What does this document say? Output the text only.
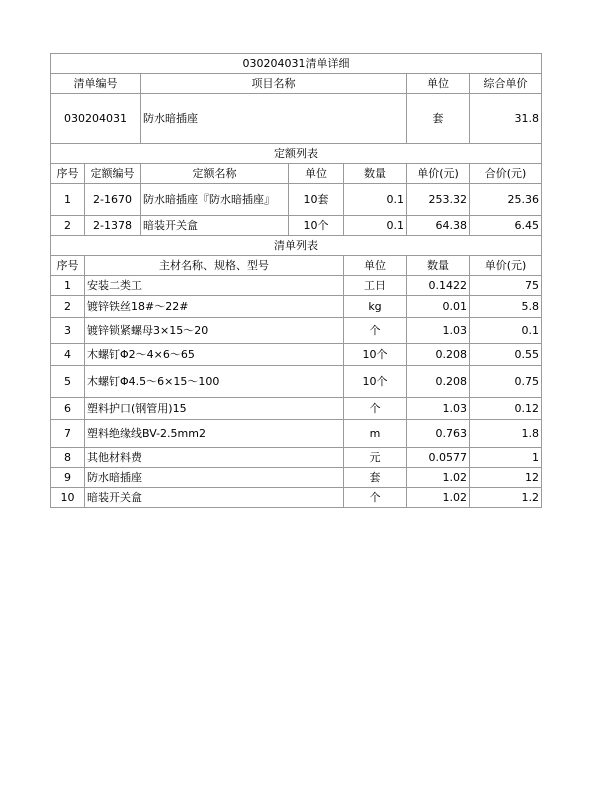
030204031清单详细							
清单编号		项目名称			单位	综合单价	
030204031		防水暗插座			套	31.8	
定额列表							
序号	定额编号	定额名称	单位	数量	单价(元)	合价(元)	
1	2-1670	防水暗插座『防水暗插座』	10套	0.1	253.32	25.36	
2	2-1378	暗装开关盒	10个	0.1	64.38	6.45	
清单列表							
序号	主材名称、规格、型号			单位	数量	单价(元)	
1	安装二类工			工日	0.1422	75	
2	镀锌铁丝18#～22#			kg	0.01	5.8	
3	镀锌锁紧螺母3×15～20			个	1.03	0.1	
4	木螺钉Φ2～4×6～65			10个	0.208	0.55	
5	木螺钉Φ4.5～6×15～100			10个	0.208	0.75	
6	塑料护口(钢管用)15			个	1.03	0.12	
7	塑料绝缘线BV-2.5mm2			m	0.763	1.8	
8	其他材料费			元	0.0577	1	
9	防水暗插座			套	1.02	12	
10	暗装开关盒			个	1.02	1.2	
